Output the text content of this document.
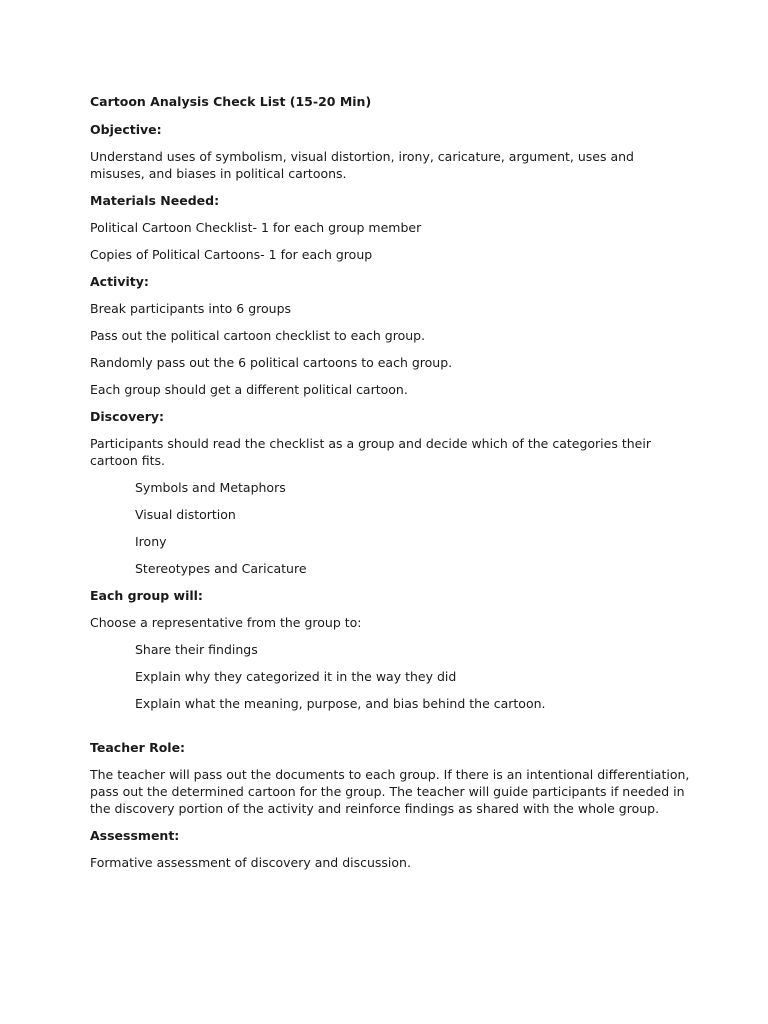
Cartoon Analysis Check List (15-20 Min)
Objective:
Understand uses of symbolism, visual distortion, irony, caricature, argument, uses and misuses, and biases in political cartoons.
Materials Needed:
Political Cartoon Checklist- 1 for each group member
Copies of Political Cartoons- 1 for each group
Activity:
Break participants into 6 groups
Pass out the political cartoon checklist to each group.
Randomly pass out the 6 political cartoons to each group.
Each group should get a different political cartoon.
Discovery:
Participants should read the checklist as a group and decide which of the categories their cartoon fits.
Symbols and Metaphors
Visual distortion
Irony
Stereotypes and Caricature
Each group will:
Choose a representative from the group to:
Share their findings
Explain why they categorized it in the way they did
Explain what the meaning, purpose, and bias behind the cartoon.
Teacher Role:
The teacher will pass out the documents to each group. If there is an intentional differentiation, pass out the determined cartoon for the group. The teacher will guide participants if needed in the discovery portion of the activity and reinforce findings as shared with the whole group.
Assessment:
Formative assessment of discovery and discussion.
